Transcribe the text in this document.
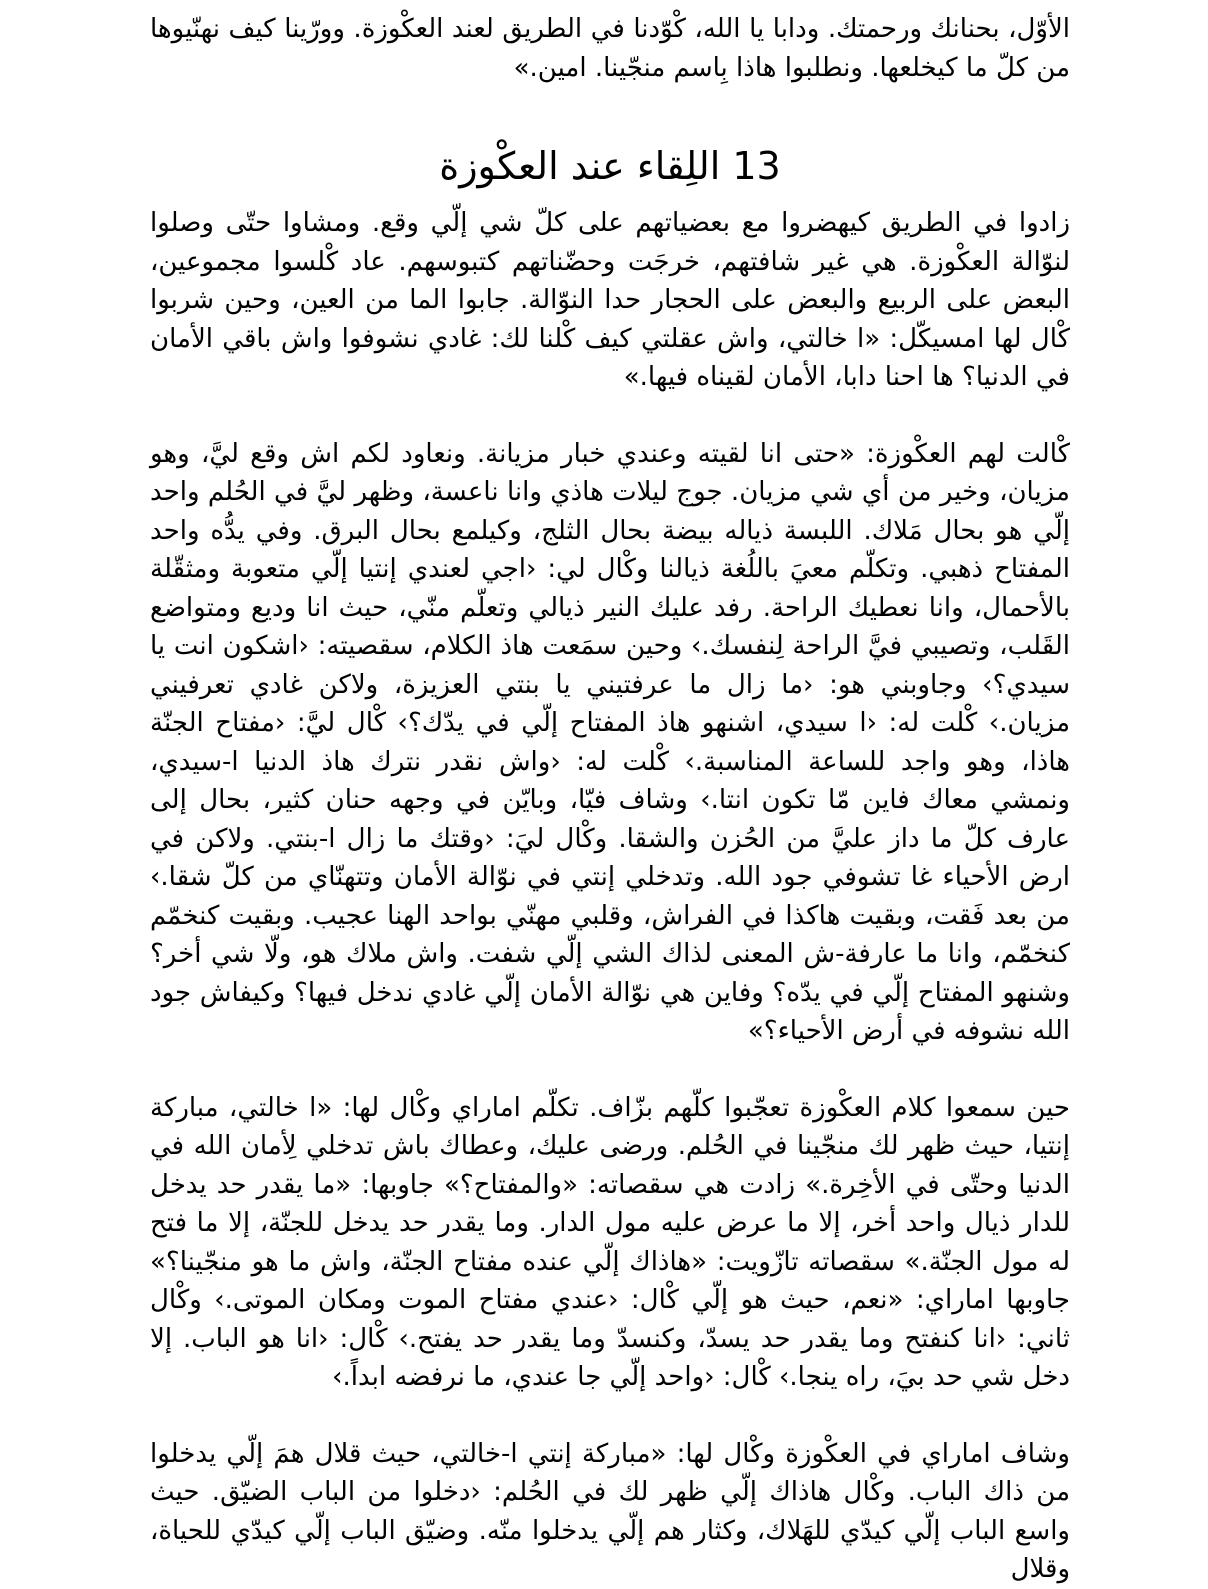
الأوّل، بحنانك ورحمتك. ودابا يا الله، كْوّدنا في الطريق لعند العكْوزة. وورّينا كيف نهنّيوها من كلّ ما كيخلعها. ونطلبوا هاذا بِاسم منجّينا. امين.»

13 اللِقاء عند العكْوزة

زادوا في الطريق كيهضروا مع بعضياتهم على كلّ شي إلّي وقع. ومشاوا حتّى وصلوا لنوّالة العكْوزة. هي غير شافتهم، خرجَت وحضّناتهم كتبوسهم. عاد كْلسوا مجموعين، البعض على الربيع والبعض على الحجار حدا النوّالة. جابوا الما من العين، وحين شربوا كْال لها امسيكّل: «ا خالتي، واش عقلتي كيف كْلنا لك: غادي نشوفوا واش باقي الأمان في الدنيا؟ ها احنا دابا، الأمان لقيناه فيها.»

كْالت لهم العكْوزة: «حتى انا لقيته وعندي خبار مزيانة. ونعاود لكم اش وقع ليَّ، وهو مزيان، وخير من أي شي مزيان. جوج ليلات هاذي وانا ناعسة، وظهر ليَّ في الحُلم واحد إلّي هو بحال مَلاك. اللبسة ذياله بيضة بحال الثلج، وكيلمع بحال البرق. وفي يدُّه واحد المفتاح ذهبي. وتكلّم معيَ باللُغة ذيالنا وكْال لي: ‹اجي لعندي إنتيا إلّي متعوبة ومثقّلة بالأحمال، وانا نعطيك الراحة. رفد عليك النير ذيالي وتعلّم منّي، حيث انا وديع ومتواضع القَلب، وتصيبي فيَّ الراحة لِنفسك.› وحين سمَعت هاذ الكلام، سقصيته: ‹اشكون انت يا سيدي؟› وجاوبني هو: ‹ما زال ما عرفتيني يا بنتي العزيزة، ولاكن غادي تعرفيني مزيان.› كْلت له: ‹ا سيدي، اشنهو هاذ المفتاح إلّي في يدّك؟› كْال ليَّ: ‹مفتاح الجنّة هاذا، وهو واجد للساعة المناسبة.› كْلت له: ‹واش نقدر نترك هاذ الدنيا ا-سيدي، ونمشي معاك فاين مّا تكون انتا.› وشاف فيّا، وبايّن في وجهه حنان كثير، بحال إلى عارف كلّ ما داز عليَّ من الحُزن والشقا. وكْال ليَ: ‹وقتك ما زال ا-بنتي. ولاكن في ارض الأحياء غا تشوفي جود الله. وتدخلي إنتي في نوّالة الأمان وتتهنّاي من كلّ شقا.› من بعد فَقت، وبقيت هاكذا في الفراش، وقلبي مهنّي بواحد الهنا عجيب. وبقيت كنخمّم كنخمّم، وانا ما عارفة-ش المعنى لذاك الشي إلّي شفت. واش ملاك هو، ولّا شي أخر؟ وشنهو المفتاح إلّي في يدّه؟ وفاين هي نوّالة الأمان إلّي غادي ندخل فيها؟ وكيفاش جود الله نشوفه في أرض الأحياء؟»

حين سمعوا كلام العكْوزة تعجّبوا كلّهم بزّاف. تكلّم اماراي وكْال لها: «ا خالتي، مباركة إنتيا، حيث ظهر لك منجّينا في الحُلم. ورضى عليك، وعطاك باش تدخلي لِأمان الله في الدنيا وحتّى في الأخِرة.» زادت هي سقصاته: «والمفتاح؟» جاوبها: «ما يقدر حد يدخل للدار ذيال واحد أخر، إلا ما عرض عليه مول الدار. وما يقدر حد يدخل للجنّة، إلا ما فتح له مول الجنّة.» سقصاته تازّويت: «هاذاك إلّي عنده مفتاح الجنّة، واش ما هو منجّينا؟» جاوبها اماراي: «نعم، حيث هو إلّي كْال: ‹عندي مفتاح الموت ومكان الموتى.› وكْال ثاني: ‹انا كنفتح وما يقدر حد يسدّ، وكنسدّ وما يقدر حد يفتح.› كْال: ‹انا هو الباب. إلا دخل شي حد بيَ، راه ينجا.› كْال: ‹واحد إلّي جا عندي، ما نرفضه ابداً.›

وشاف اماراي في العكْوزة وكْال لها: «مباركة إنتي ا-خالتي، حيث قلال همَ إلّي يدخلوا من ذاك الباب. وكْال هاذاك إلّي ظهر لك في الحُلم: ‹دخلوا من الباب الضيّق. حيث واسع الباب إلّي كيدّي للهَلاك، وكثار هم إلّي يدخلوا منّه. وضيّق الباب إلّي كيدّي للحياة، وقلال
